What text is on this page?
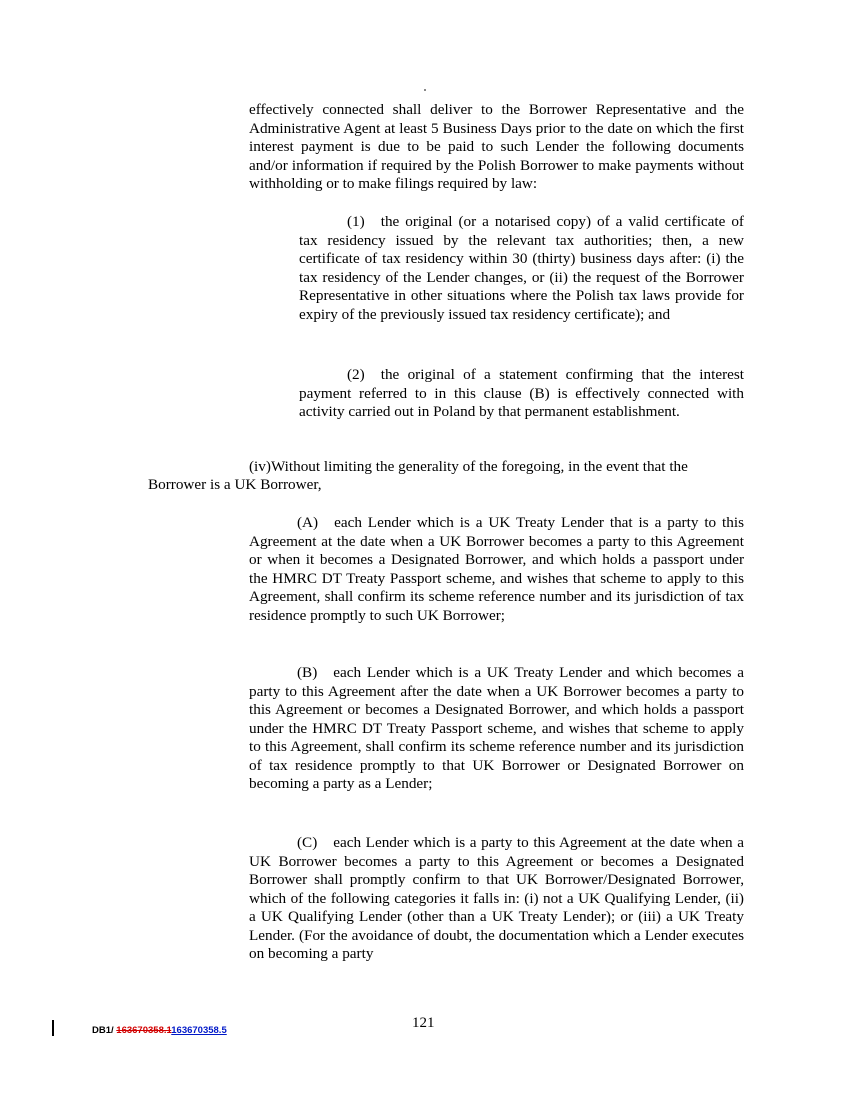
effectively connected shall deliver to the Borrower Representative and the Administrative Agent at least 5 Business Days prior to the date on which the first interest payment is due to be paid to such Lender the following documents and/or information if required by the Polish Borrower to make payments without withholding or to make filings required by law:

(1) the original (or a notarised copy) of a valid certificate of tax residency issued by the relevant tax authorities; then, a new certificate of tax residency within 30 (thirty) business days after: (i) the tax residency of the Lender changes, or (ii) the request of the Borrower Representative in other situations where the Polish tax laws provide for expiry of the previously issued tax residency certificate); and

(2) the original of a statement confirming that the interest payment referred to in this clause (B) is effectively connected with activity carried out in Poland by that permanent establishment.

(iv)Without limiting the generality of the foregoing, in the event that the
Borrower is a UK Borrower,

(A) each Lender which is a UK Treaty Lender that is a party to this Agreement at the date when a UK Borrower becomes a party to this Agreement or when it becomes a Designated Borrower, and which holds a passport under the HMRC DT Treaty Passport scheme, and wishes that scheme to apply to this Agreement, shall confirm its scheme reference number and its jurisdiction of tax residence promptly to such UK Borrower;

(B) each Lender which is a UK Treaty Lender and which becomes a party to this Agreement after the date when a UK Borrower becomes a party to this Agreement or becomes a Designated Borrower, and which holds a passport under the HMRC DT Treaty Passport scheme, and wishes that scheme to apply to this Agreement, shall confirm its scheme reference number and its jurisdiction of tax residence promptly to that UK Borrower or Designated Borrower on becoming a party as a Lender;

(C) each Lender which is a party to this Agreement at the date when a UK Borrower becomes a party to this Agreement or becomes a Designated Borrower shall promptly confirm to that UK Borrower/Designated Borrower, which of the following categories it falls in: (i) not a UK Qualifying Lender, (ii) a UK Qualifying Lender (other than a UK Treaty Lender); or (iii) a UK Treaty Lender. (For the avoidance of doubt, the documentation which a Lender executes on becoming a party

DB1/ 163670358.1163670358.5	121
